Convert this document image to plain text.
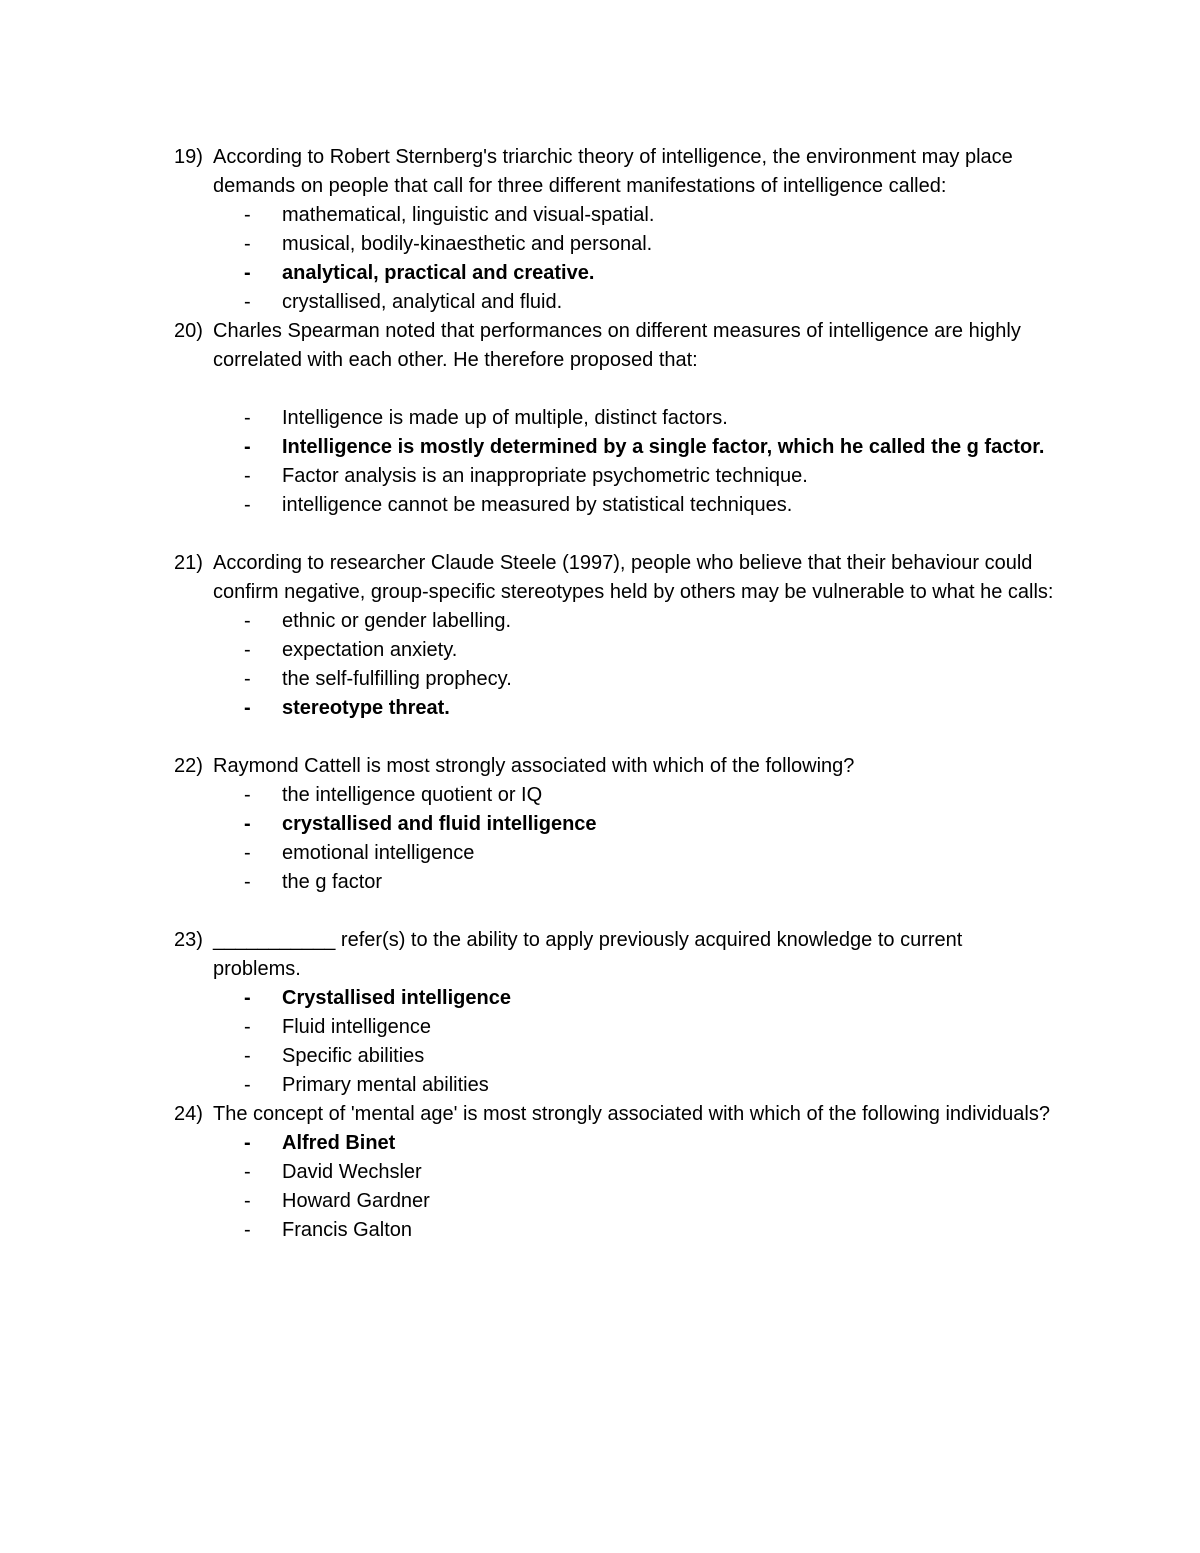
19) According to Robert Sternberg's triarchic theory of intelligence, the environment may place demands on people that call for three different manifestations of intelligence called:
- mathematical, linguistic and visual-spatial.
- musical, bodily-kinaesthetic and personal.
- analytical, practical and creative.
- crystallised, analytical and fluid.
20) Charles Spearman noted that performances on different measures of intelligence are highly correlated with each other. He therefore proposed that:
- Intelligence is made up of multiple, distinct factors.
- Intelligence is mostly determined by a single factor, which he called the g factor.
- Factor analysis is an inappropriate psychometric technique.
- intelligence cannot be measured by statistical techniques.
21) According to researcher Claude Steele (1997), people who believe that their behaviour could confirm negative, group-specific stereotypes held by others may be vulnerable to what he calls:
- ethnic or gender labelling.
- expectation anxiety.
- the self-fulfilling prophecy.
- stereotype threat.
22) Raymond Cattell is most strongly associated with which of the following?
- the intelligence quotient or IQ
- crystallised and fluid intelligence
- emotional intelligence
- the g factor
23) ___________ refer(s) to the ability to apply previously acquired knowledge to current problems.
- Crystallised intelligence
- Fluid intelligence
- Specific abilities
- Primary mental abilities
24) The concept of 'mental age' is most strongly associated with which of the following individuals?
- Alfred Binet
- David Wechsler
- Howard Gardner
- Francis Galton
